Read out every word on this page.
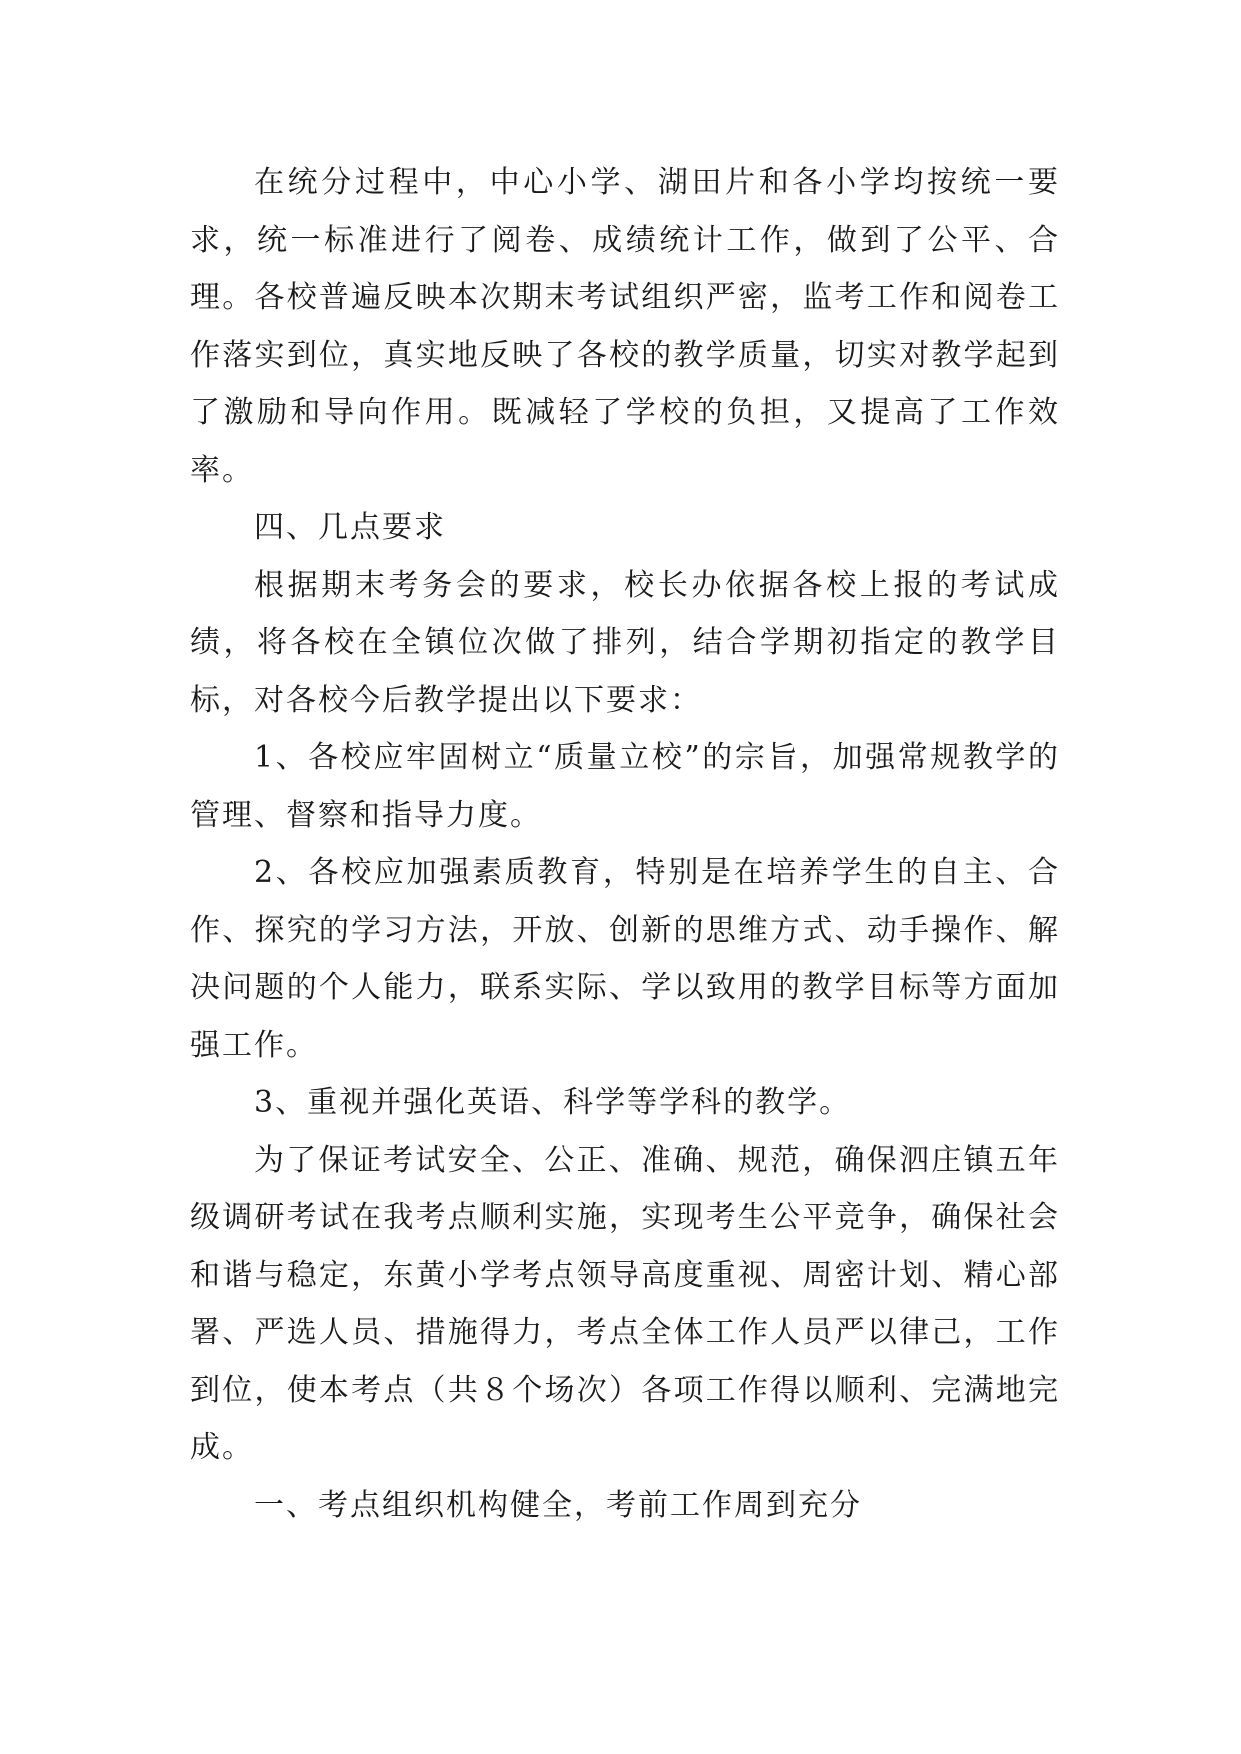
在统分过程中，中心小学、湖田片和各小学均按统一要求，统一标准进行了阅卷、成绩统计工作，做到了公平、合理。各校普遍反映本次期末考试组织严密，监考工作和阅卷工作落实到位，真实地反映了各校的教学质量，切实对教学起到了激励和导向作用。既减轻了学校的负担，又提高了工作效率。

四、几点要求

根据期末考务会的要求，校长办依据各校上报的考试成绩，将各校在全镇位次做了排列，结合学期初指定的教学目标，对各校今后教学提出以下要求：

1、各校应牢固树立“质量立校”的宗旨，加强常规教学的管理、督察和指导力度。

2、各校应加强素质教育，特别是在培养学生的自主、合作、探究的学习方法，开放、创新的思维方式、动手操作、解决问题的个人能力，联系实际、学以致用的教学目标等方面加强工作。

3、重视并强化英语、科学等学科的教学。

为了保证考试安全、公正、准确、规范，确保泗庄镇五年级调研考试在我考点顺利实施，实现考生公平竞争，确保社会和谐与稳定，东黄小学考点领导高度重视、周密计划、精心部署、严选人员、措施得力，考点全体工作人员严以律己，工作到位，使本考点（共８个场次）各项工作得以顺利、完满地完成。

一、考点组织机构健全，考前工作周到充分
